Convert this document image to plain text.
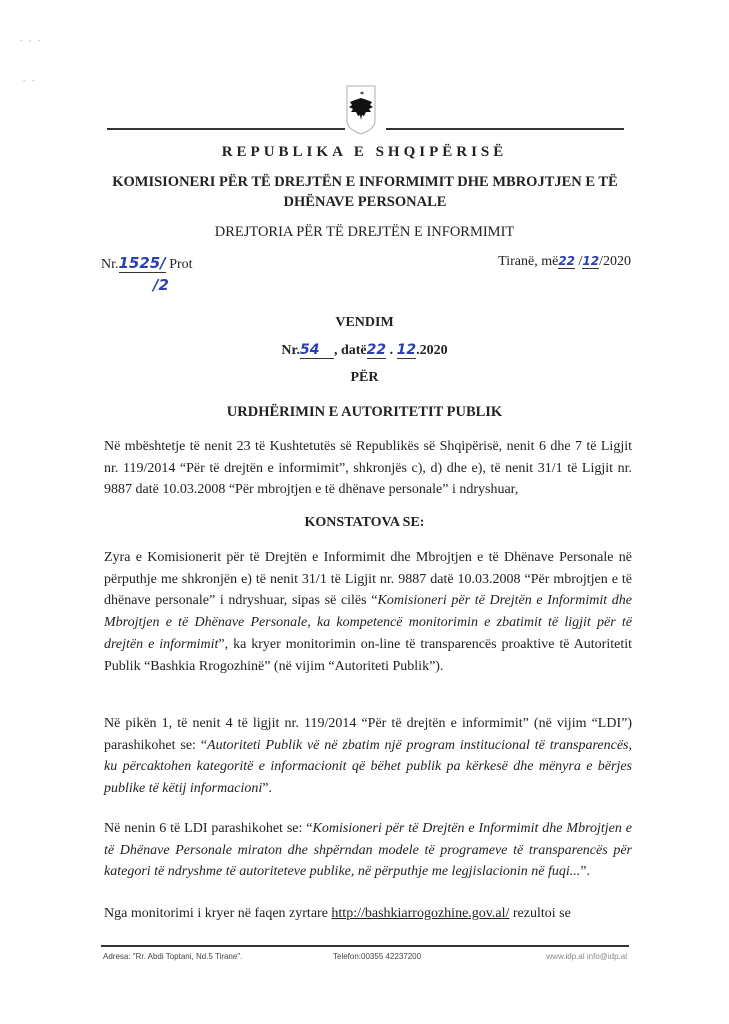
- - -
- -
REPUBLIKA E SHQIPËRISË
KOMISIONERI PËR TË DREJTËN E INFORMIMIT DHE MBROJTJEN E TË DHËNAVE PERSONALE
DREJTORIA PËR TË DREJTËN E INFORMIMIT
Nr.1525/ Prot
/2
Tiranë, më22 /12/2020
VENDIM
Nr.54 , datë22 . 12.2020
PËR
URDHËRIMIN E AUTORITETIT PUBLIK
Në mbështetje të nenit 23 të Kushtetutës së Republikës së Shqipërisë, nenit 6 dhe 7 të Ligjit nr. 119/2014 “Për të drejtën e informimit”, shkronjës c), d) dhe e), të nenit 31/1 të Ligjit nr. 9887 datë 10.03.2008 “Për mbrojtjen e të dhënave personale” i ndryshuar,
KONSTATOVA SE:
Zyra e Komisionerit për të Drejtën e Informimit dhe Mbrojtjen e të Dhënave Personale në përputhje me shkronjën e) të nenit 31/1 të Ligjit nr. 9887 datë 10.03.2008 “Për mbrojtjen e të dhënave personale” i ndryshuar, sipas së cilës “Komisioneri për të Drejtën e Informimit dhe Mbrojtjen e të Dhënave Personale, ka kompetencë monitorimin e zbatimit të ligjit për të drejtën e informimit”, ka kryer monitorimin on-line të transparencës proaktive të Autoritetit Publik “Bashkia Rrogozhinë” (në vijim “Autoriteti Publik”).
Në pikën 1, të nenit 4 të ligjit nr. 119/2014 “Për të drejtën e informimit” (në vijim “LDI”) parashikohet se: “Autoriteti Publik vë në zbatim një program institucional të transparencës, ku përcaktohen kategoritë e informacionit që bëhet publik pa kërkesë dhe mënyra e bërjes publike të këtij informacioni”.
Në nenin 6 të LDI parashikohet se: “Komisioneri për të Drejtën e Informimit dhe Mbrojtjen e të Dhënave Personale miraton dhe shpërndan modele të programeve të transparencës për kategori të ndryshme të autoriteteve publike, në përputhje me legjislacionin në fuqi...”.
Nga monitorimi i kryer në faqen zyrtare http://bashkiarrogozhine.gov.al/ rezultoi se
Adresa: "Rr. Abdi Toptani, Nd.5 Tirane".	Telefon:00355 42237200	www.idp.al info@idp.al
